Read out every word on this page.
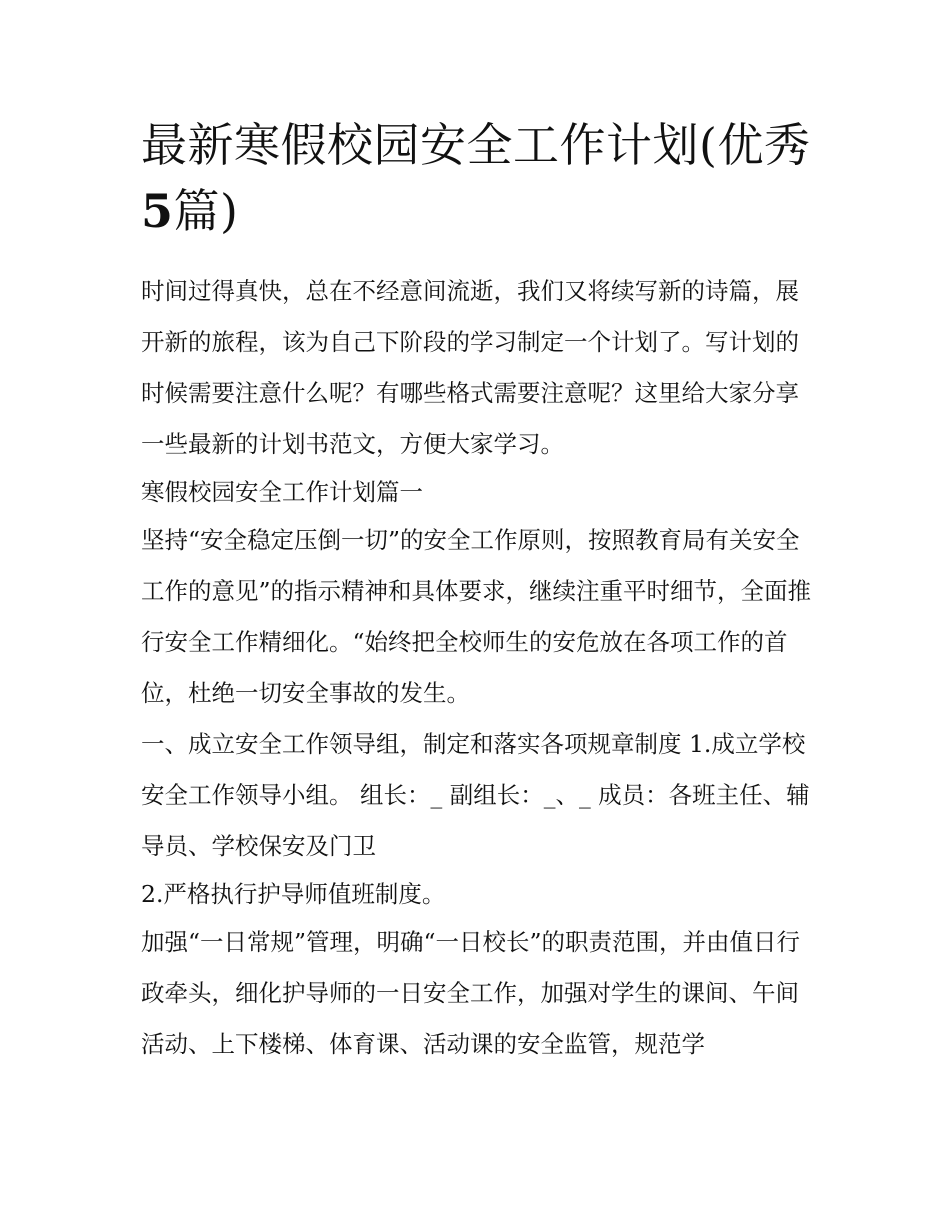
最新寒假校园安全工作计划(优秀5篇)

时间过得真快，总在不经意间流逝，我们又将续写新的诗篇，展开新的旅程，该为自己下阶段的学习制定一个计划了。写计划的时候需要注意什么呢？有哪些格式需要注意呢？这里给大家分享一些最新的计划书范文，方便大家学习。

寒假校园安全工作计划篇一

坚持“安全稳定压倒一切”的安全工作原则，按照教育局有关安全工作的意见”的指示精神和具体要求，继续注重平时细节，全面推行安全工作精细化。“始终把全校师生的安危放在各项工作的首位，杜绝一切安全事故的发生。

一、成立安全工作领导组，制定和落实各项规章制度 1.成立学校安全工作领导小组。 组长：_ 副组长：_、_ 成员：各班主任、辅导员、学校保安及门卫

2.严格执行护导师值班制度。

加强“一日常规”管理，明确“一日校长”的职责范围，并由值日行政牵头，细化护导师的一日安全工作，加强对学生的课间、午间活动、上下楼梯、体育课、活动课的安全监管，规范学
